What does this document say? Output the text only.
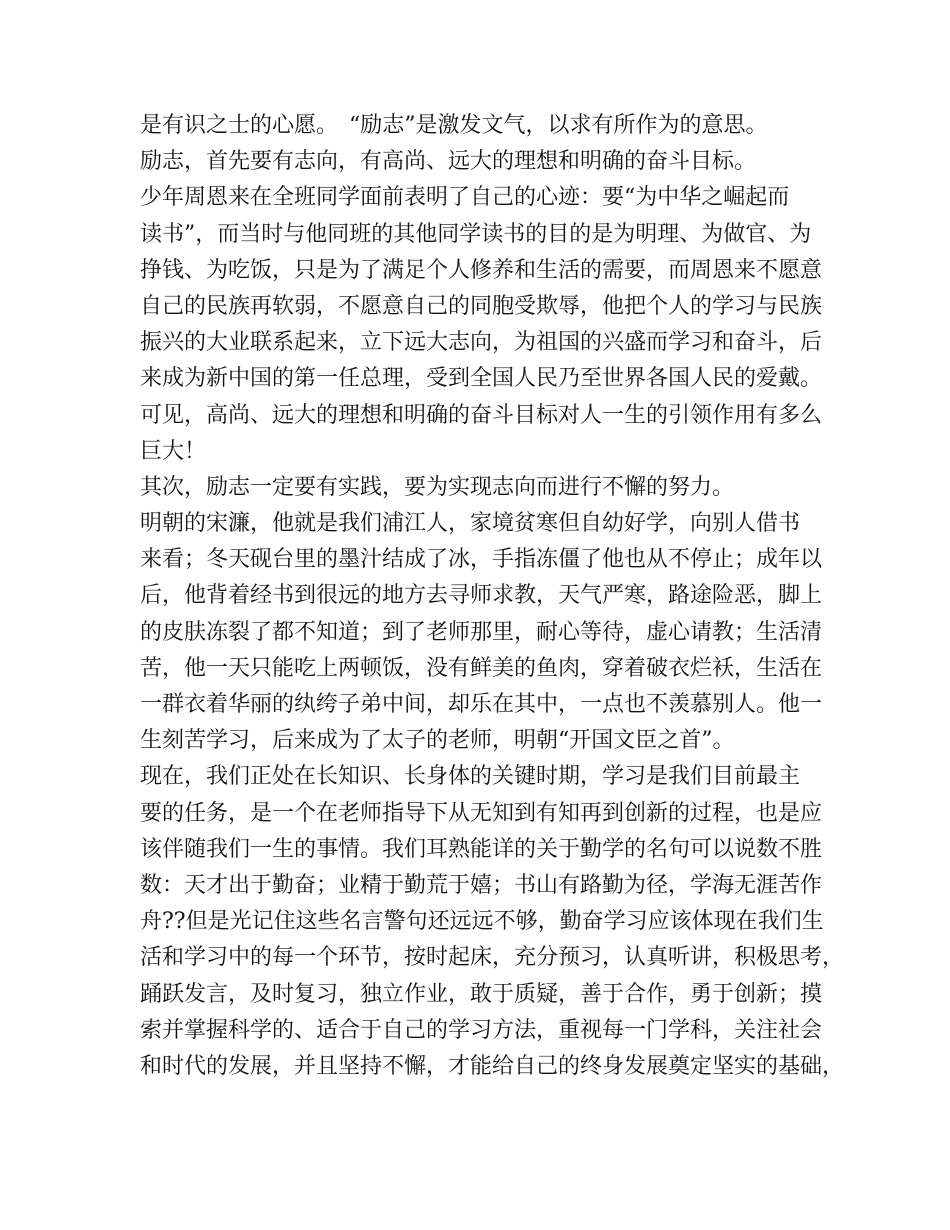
是有识之士的心愿。　“励志”是激发文气，以求有所作为的意思。
励志，首先要有志向，有高尚、远大的理想和明确的奋斗目标。
少年周恩来在全班同学面前表明了自己的心迹：要“为中华之崛起而
读书”，而当时与他同班的其他同学读书的目的是为明理、为做官、为
挣钱、为吃饭，只是为了满足个人修养和生活的需要，而周恩来不愿意
自己的民族再软弱，不愿意自己的同胞受欺辱，他把个人的学习与民族
振兴的大业联系起来，立下远大志向，为祖国的兴盛而学习和奋斗，后
来成为新中国的第一任总理，受到全国人民乃至世界各国人民的爱戴。
可见，高尚、远大的理想和明确的奋斗目标对人一生的引领作用有多么
巨大！
其次，励志一定要有实践，要为实现志向而进行不懈的努力。
明朝的宋濂，他就是我们浦江人，家境贫寒但自幼好学，向别人借书
来看；冬天砚台里的墨汁结成了冰，手指冻僵了他也从不停止；成年以
后，他背着经书到很远的地方去寻师求教，天气严寒，路途险恶，脚上
的皮肤冻裂了都不知道；到了老师那里，耐心等待，虚心请教；生活清
苦，他一天只能吃上两顿饭，没有鲜美的鱼肉，穿着破衣烂袄，生活在
一群衣着华丽的纨绔子弟中间，却乐在其中，一点也不羡慕别人。他一
生刻苦学习，后来成为了太子的老师，明朝“开国文臣之首”。
现在，我们正处在长知识、长身体的关键时期，学习是我们目前最主
要的任务，是一个在老师指导下从无知到有知再到创新的过程，也是应
该伴随我们一生的事情。我们耳熟能详的关于勤学的名句可以说数不胜
数：天才出于勤奋；业精于勤荒于嬉；书山有路勤为径，学海无涯苦作
舟??但是光记住这些名言警句还远远不够，勤奋学习应该体现在我们生
活和学习中的每一个环节，按时起床，充分预习，认真听讲，积极思考，
踊跃发言，及时复习，独立作业，敢于质疑，善于合作，勇于创新；摸
索并掌握科学的、适合于自己的学习方法，重视每一门学科，关注社会
和时代的发展，并且坚持不懈，才能给自己的终身发展奠定坚实的基础，
